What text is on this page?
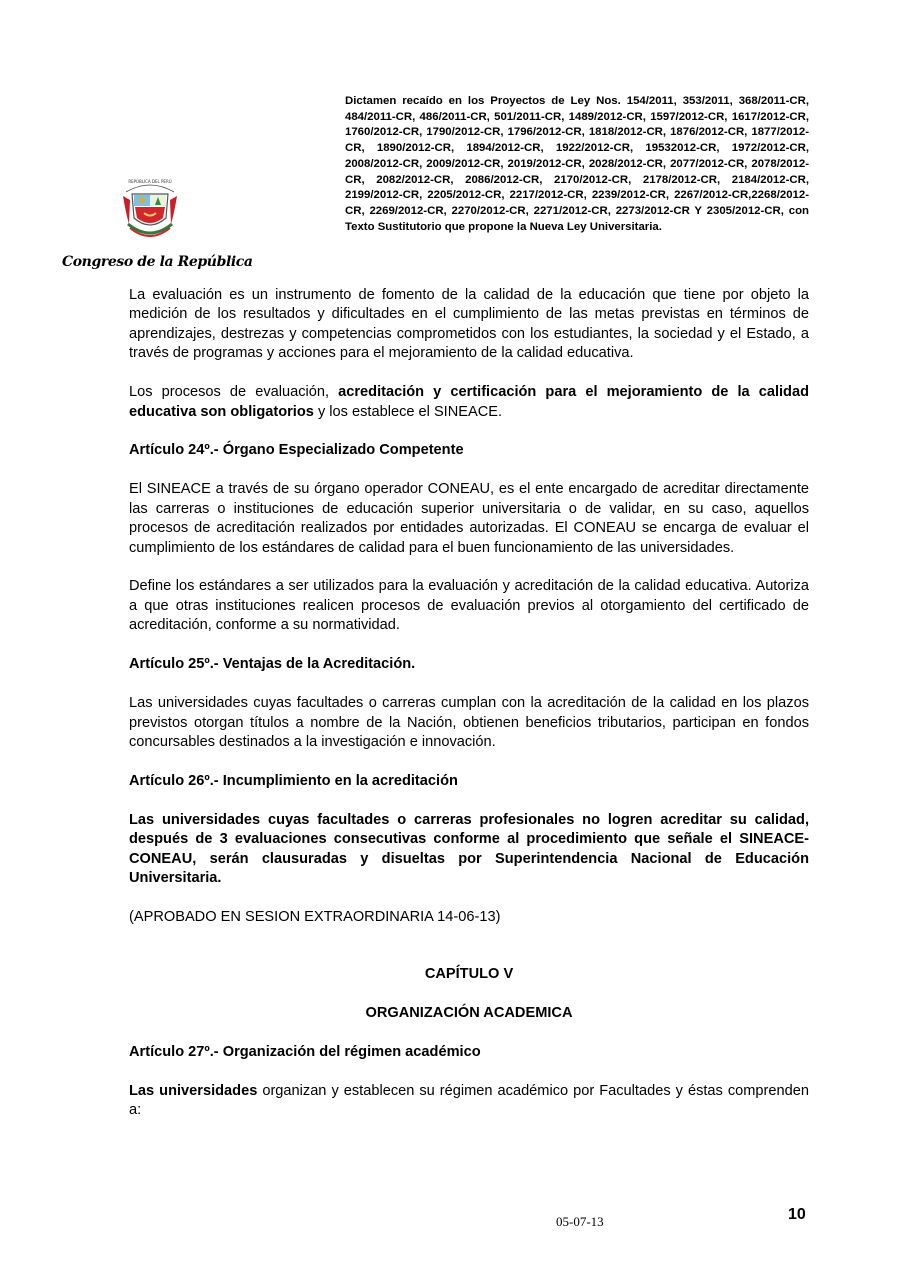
REPÚBLICA DEL PERÚ
Congreso de la República
Dictamen recaído en los Proyectos de Ley Nos. 154/2011, 353/2011, 368/2011-CR, 484/2011-CR, 486/2011-CR, 501/2011-CR, 1489/2012-CR, 1597/2012-CR, 1617/2012-CR, 1760/2012-CR, 1790/2012-CR, 1796/2012-CR, 1818/2012-CR, 1876/2012-CR, 1877/2012-CR, 1890/2012-CR, 1894/2012-CR, 1922/2012-CR, 19532012-CR, 1972/2012-CR, 2008/2012-CR, 2009/2012-CR, 2019/2012-CR, 2028/2012-CR, 2077/2012-CR, 2078/2012-CR, 2082/2012-CR, 2086/2012-CR, 2170/2012-CR, 2178/2012-CR, 2184/2012-CR, 2199/2012-CR, 2205/2012-CR, 2217/2012-CR, 2239/2012-CR, 2267/2012-CR,2268/2012-CR, 2269/2012-CR, 2270/2012-CR, 2271/2012-CR, 2273/2012-CR Y 2305/2012-CR, con Texto Sustitutorio que propone la Nueva Ley Universitaria.

La evaluación es un instrumento de fomento de la calidad de la educación que tiene por objeto la medición de los resultados y dificultades en el cumplimiento de las metas previstas en términos de aprendizajes, destrezas y competencias comprometidos con los estudiantes, la sociedad y el Estado, a través de programas y acciones para el mejoramiento de la calidad educativa.

Los procesos de evaluación, acreditación y certificación para el mejoramiento de la calidad educativa son obligatorios y los establece el SINEACE.

Artículo 24º.- Órgano Especializado Competente

El SINEACE a través de su órgano operador CONEAU, es el ente encargado de acreditar directamente las carreras o instituciones de educación superior universitaria o de validar, en su caso, aquellos procesos de acreditación realizados por entidades autorizadas. El CONEAU se encarga de evaluar el cumplimiento de los estándares de calidad para el buen funcionamiento de las universidades.

Define los estándares a ser utilizados para la evaluación y acreditación de la calidad educativa. Autoriza a que otras instituciones realicen procesos de evaluación previos al otorgamiento del certificado de acreditación, conforme a su normatividad.

Artículo 25º.- Ventajas de la Acreditación.

Las universidades cuyas facultades o carreras cumplan con la acreditación de la calidad en los plazos previstos otorgan títulos a nombre de la Nación, obtienen beneficios tributarios, participan en fondos concursables destinados a la investigación e innovación.

Artículo 26º.- Incumplimiento en la acreditación

Las universidades cuyas facultades o carreras profesionales no logren acreditar su calidad, después de 3 evaluaciones consecutivas conforme al procedimiento que señale el SINEACE- CONEAU, serán clausuradas y disueltas por Superintendencia Nacional de Educación Universitaria.

(APROBADO EN SESION EXTRAORDINARIA 14-06-13)

CAPÍTULO V

ORGANIZACIÓN ACADEMICA

Artículo 27º.- Organización del régimen académico

Las universidades organizan y establecen su régimen académico por Facultades y éstas comprenden a:

05-07-13	10
